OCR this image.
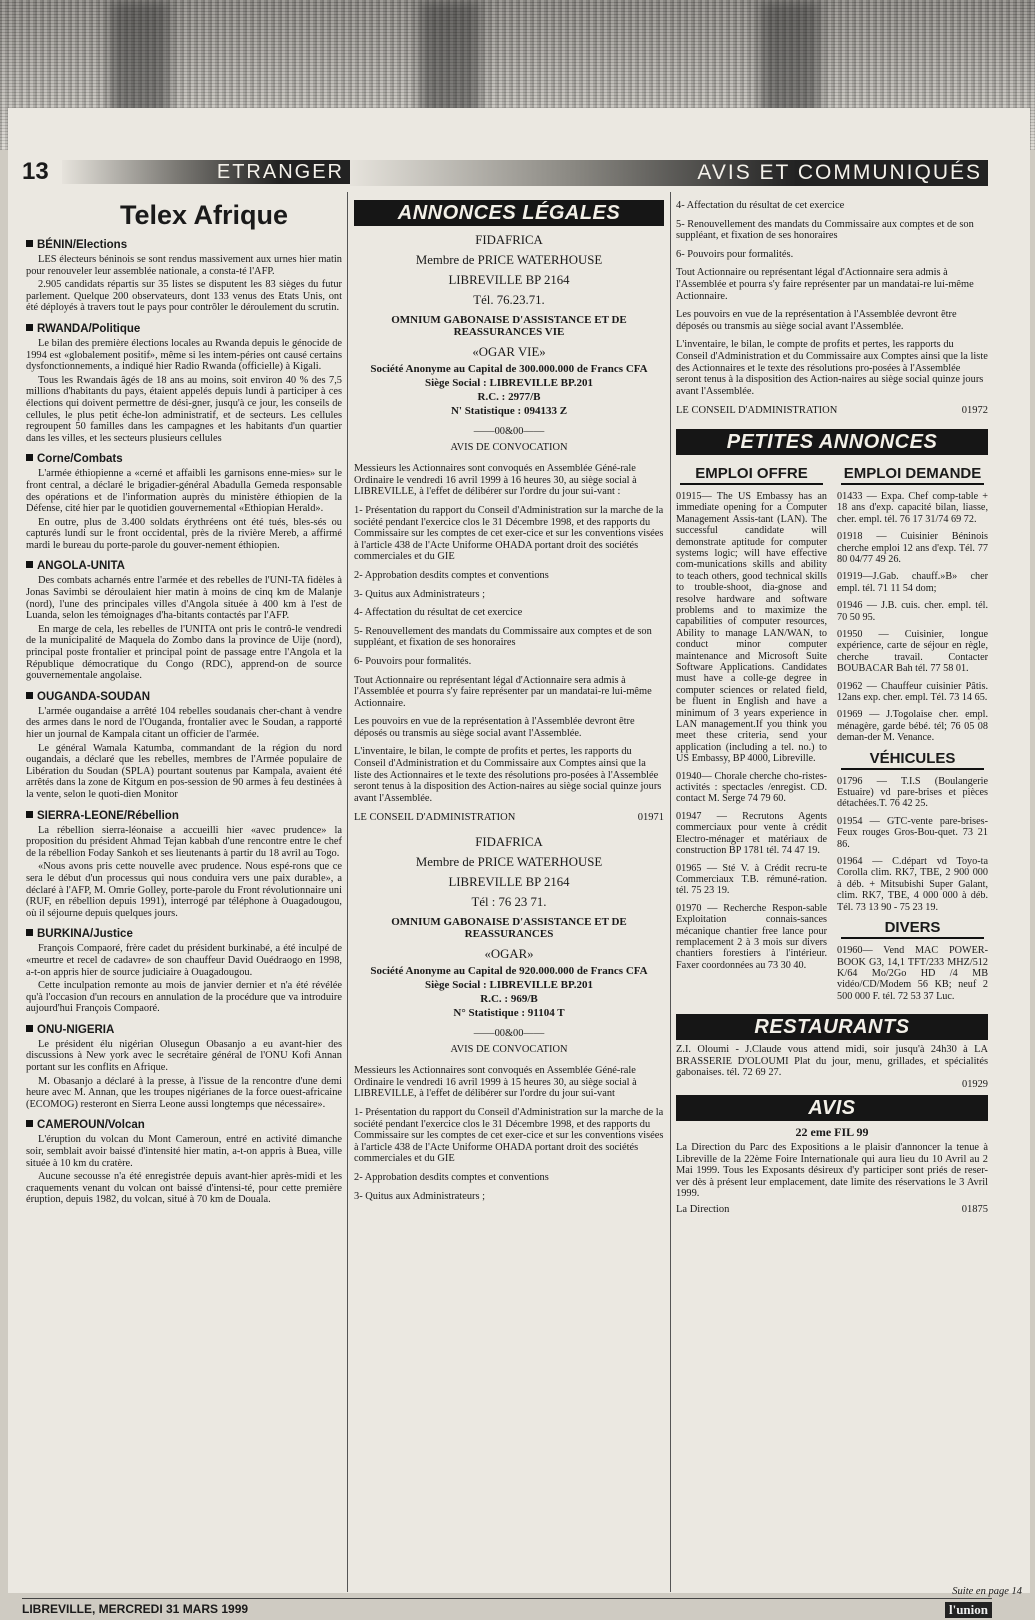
13	ETRANGER	AVIS ET COMMUNIQUÉS
Telex Afrique
BÉNIN/Elections
LES électeurs béninois se sont rendus massivement aux urnes hier matin pour renouveler leur assemblée nationale, a consta-té l'AFP.
2.905 candidats répartis sur 35 listes se disputent les 83 sièges du futur parlement. Quelque 200 observateurs, dont 133 venus des Etats Unis, ont été déployés à travers tout le pays pour contrôler le déroulement du scrutin.
RWANDA/Politique
Le bilan des première élections locales au Rwanda depuis le génocide de 1994 est «globalement positif», même si les intem-péries ont causé certains dysfonctionnements, a indiqué hier Radio Rwanda (officielle) à Kigali.
Tous les Rwandais âgés de 18 ans au moins, soit environ 40 % des 7,5 millions d'habitants du pays, étaient appelés depuis lundi à participer à ces élections qui doivent permettre de dési-gner, jusqu'à ce jour, les conseils de cellules, le plus petit éche-lon administratif, et de secteurs. Les cellules regroupent 50 familles dans les campagnes et les habitants d'un quartier dans les villes, et les secteurs plusieurs cellules
Corne/Combats
L'armée éthiopienne a «cerné et affaibli les garnisons enne-mies» sur le front central, a déclaré le brigadier-général Abadulla Gemeda responsable des opérations et de l'information auprès du ministère éthiopien de la Défense, cité hier par le quotidien gouvernemental «Ethiopian Herald».
En outre, plus de 3.400 soldats érythréens ont été tués, bles-sés ou capturés lundi sur le front occidental, près de la rivière Mereb, a affirmé mardi le bureau du porte-parole du gouver-nement éthiopien.
ANGOLA-UNITA
Des combats acharnés entre l'armée et des rebelles de l'UNI-TA fidèles à Jonas Savimbi se déroulaient hier matin à moins de cinq km de Malanje (nord), l'une des principales villes d'Angola située à 400 km à l'est de Luanda, selon les témoignages d'ha-bitants contactés par l'AFP.
En marge de cela, les rebelles de l'UNITA ont pris le contrô-le vendredi de la municipalité de Maquela do Zombo dans la province de Uije (nord), principal poste frontalier et principal point de passage entre l'Angola et la République démocratique du Congo (RDC), apprend-on de source gouvernementale angolaise.
OUGANDA-SOUDAN
L'armée ougandaise a arrêté 104 rebelles soudanais cher-chant à vendre des armes dans le nord de l'Ouganda, frontalier avec le Soudan, a rapporté hier un journal de Kampala citant un officier de l'armée.
Le général Wamala Katumba, commandant de la région du nord ougandais, a déclaré que les rebelles, membres de l'Armée populaire de Libération du Soudan (SPLA) pourtant soutenus par Kampala, avaient été arrêtés dans la zone de Kitgum en pos-session de 90 armes à feu destinées à la vente, selon le quoti-dien Monitor
SIERRA-LEONE/Rébellion
La rébellion sierra-léonaise a accueilli hier «avec prudence» la proposition du président Ahmad Tejan kabbah d'une rencontre entre le chef de la rébellion Foday Sankoh et ses lieutenants à partir du 18 avril au Togo.
«Nous avons pris cette nouvelle avec prudence. Nous espé-rons que ce sera le début d'un processus qui nous conduira vers une paix durable», a déclaré à l'AFP, M. Omrie Golley, porte-parole du Front révolutionnaire uni (RUF, en rébellion depuis 1991), interrogé par téléphone à Ouagadougou, où il séjourne depuis quelques jours.
BURKINA/Justice
François Compaoré, frère cadet du président burkinabé, a été inculpé de «meurtre et recel de cadavre» de son chauffeur David Ouédraogo en 1998, a-t-on appris hier de source judiciaire à Ouagadougou.
Cette inculpation remonte au mois de janvier dernier et n'a été révélée qu'à l'occasion d'un recours en annulation de la procédure que va introduire aujourd'hui François Compaoré.
ONU-NIGERIA
Le président élu nigérian Olusegun Obasanjo a eu avant-hier des discussions à New york avec le secrétaire général de l'ONU Kofi Annan portant sur les conflits en Afrique.
M. Obasanjo a déclaré à la presse, à l'issue de la rencontre d'une demi heure avec M. Annan, que les troupes nigérianes de la force ouest-africaine (ECOMOG) resteront en Sierra Leone aussi longtemps que nécessaire».
CAMEROUN/Volcan
L'éruption du volcan du Mont Cameroun, entré en activité dimanche soir, semblait avoir baissé d'intensité hier matin, a-t-on appris à Buea, ville située à 10 km du cratère.
Aucune secousse n'a été enregistrée depuis avant-hier après-midi et les craquements venant du volcan ont baissé d'intensi-té, pour cette première éruption, depuis 1982, du volcan, situé à 70 km de Douala.
ANNONCES LÉGALES
FIDAFRICA
Membre de PRICE WATERHOUSE
LIBREVILLE BP 2164
Tél. 76.23.71.
OMNIUM GABONAISE D'ASSISTANCE ET DE REASSURANCES VIE
«OGAR VIE»
Société Anonyme au Capital de 300.000.000 de Francs CFA
Siège Social : LIBREVILLE BP.201
R.C. : 2977/B
N' Statistique : 094133 Z
——00&00——
AVIS DE CONVOCATION
Messieurs les Actionnaires sont convoqués en Assemblée Géné-rale Ordinaire le vendredi 16 avril 1999 à 16 heures 30, au siège social à LIBREVILLE, à l'effet de délibérer sur l'ordre du jour sui-vant :
1- Présentation du rapport du Conseil d'Administration sur la marche de la société pendant l'exercice clos le 31 Décembre 1998, et des rapports du Commissaire sur les comptes de cet exer-cice et sur les conventions visées à l'article 438 de l'Acte Uniforme OHADA portant droit des sociétés commerciales et du GIE
2- Approbation desdits comptes et conventions
3- Quitus aux Administrateurs ;
4- Affectation du résultat de cet exercice
5- Renouvellement des mandats du Commissaire aux comptes et de son suppléant, et fixation de ses honoraires
6- Pouvoirs pour formalités.
Tout Actionnaire ou représentant légal d'Actionnaire sera admis à l'Assemblée et pourra s'y faire représenter par un mandatai-re lui-même Actionnaire.
Les pouvoirs en vue de la représentation à l'Assemblée devront être déposés ou transmis au siège social avant l'Assemblée.
L'inventaire, le bilan, le compte de profits et pertes, les rapports du Conseil d'Administration et du Commissaire aux Comptes ainsi que la liste des Actionnaires et le texte des résolutions pro-posées à l'Assemblée seront tenus à la disposition des Action-naires au siège social quinze jours avant l'Assemblée.
LE CONSEIL D'ADMINISTRATION	01971
FIDAFRICA
Membre de PRICE WATERHOUSE
LIBREVILLE BP 2164
Tél : 76 23 71.
OMNIUM GABONAISE D'ASSISTANCE ET DE REASSURANCES
«OGAR»
Société Anonyme au Capital de 920.000.000 de Francs CFA
Siège Social : LIBREVILLE BP.201
R.C. : 969/B
N° Statistique : 91104 T
——00&00——
AVIS DE CONVOCATION
Messieurs les Actionnaires sont convoqués en Assemblée Géné-rale Ordinaire le vendredi 16 avril 1999 à 15 heures 30, au siège social à LIBREVILLE, à l'effet de délibérer sur l'ordre du jour sui-vant
1- Présentation du rapport du Conseil d'Administration sur la marche de la société pendant l'exercice clos le 31 Décembre 1998, et des rapports du Commissaire sur les comptes de cet exer-cice et sur les conventions visées à l'article 438 de l'Acte Uniforme OHADA portant droit des sociétés commerciales et du GIE
2- Approbation desdits comptes et conventions
3- Quitus aux Administrateurs ;
4- Affectation du résultat de cet exercice
5- Renouvellement des mandats du Commissaire aux comptes et de son suppléant, et fixation de ses honoraires
6- Pouvoirs pour formalités.
Tout Actionnaire ou représentant légal d'Actionnaire sera admis à l'Assemblée et pourra s'y faire représenter par un mandatai-re lui-même Actionnaire.
Les pouvoirs en vue de la représentation à l'Assemblée devront être déposés ou transmis au siège social avant l'Assemblée.
L'inventaire, le bilan, le compte de profits et pertes, les rapports du Conseil d'Administration et du Commissaire aux Comptes ainsi que la liste des Actionnaires et le texte des résolutions pro-posées à l'Assemblée seront tenus à la disposition des Action-naires au siège social quinze jours avant l'Assemblée.
LE CONSEIL D'ADMINISTRATION	01972
PETITES ANNONCES
EMPLOI OFFRE
01915— The US Embassy has an immediate opening for a Computer Management Assis-tant (LAN). The successful candidate will demonstrate aptitude for computer systems logic; will have effective com-munications skills and ability to teach others, good technical skills to trouble-shoot, dia-gnose and resolve hardware and software problems and to maximize the capabilities of computer resources, Ability to manage LAN/WAN, to conduct minor computer maintenance and Microsoft Suite Software Applications. Candidates must have a colle-ge degree in computer sciences or related field, be fluent in English and have a minimum of 3 years experience in LAN management.If you think you meet these criteria, send your application (including a tel. no.) to US Embassy, BP 4000, Libreville.
01940— Chorale cherche cho-ristes-activités : spectacles /enregist. CD. contact M. Serge 74 79 60.
01947 — Recrutons Agents commerciaux pour vente à crédit Electro-ménager et matériaux de construction BP 1781 tél. 74 47 19.
01965 — Sté V. à Crédit recru-te Commerciaux T.B. rémuné-ration. tél. 75 23 19.
01970 — Recherche Respon-sable Exploitation connais-sances mécanique chantier free lance pour remplacement 2 à 3 mois sur divers chantiers forestiers à l'intérieur. Faxer coordonnées au 73 30 40.
EMPLOI DEMANDE
01433 — Expa. Chef comp-table + 18 ans d'exp. capacité bilan, liasse, cher. empl. tél. 76 17 31/74 69 72.
01918 — Cuisinier Béninois cherche emploi 12 ans d'exp. Tél. 77 80 04/77 49 26.
01919—J.Gab. chauff.»B» cher empl. tél. 71 11 54 dom;
01946 — J.B. cuis. cher. empl. tél. 70 50 95.
01950 — Cuisinier, longue expérience, carte de séjour en règle, cherche travail. Contacter BOUBACAR Bah tél. 77 58 01.
01962 — Chauffeur cuisinier Pâtis. 12ans exp. cher. empl. Tél. 73 14 65.
01969 — J.Togolaise cher. empl. ménagère, garde bébé. tél; 76 05 08 deman-der M. Venance.
VÉHICULES
01796 — T.I.S (Boulangerie Estuaire) vd pare-brises et pièces détachées.T. 76 42 25.
01954 — GTC-vente pare-brises- Feux rouges Gros-Bou-quet. 73 21 86.
01964 — C.départ vd Toyo-ta Corolla clim. RK7, TBE, 2 900 000 à déb. + Mitsubishi Super Galant, clim. RK7, TBE, 4 000 000 à déb. Tél. 73 13 90 - 75 23 19.
DIVERS
01960— Vend MAC POWER-BOOK G3, 14,1 TFT/233 MHZ/512 K/64 Mo/2Go HD /4 MB vidéo/CD/Modem 56 KB; neuf 2 500 000 F. tél. 72 53 37 Luc.
RESTAURANTS
Z.I. Oloumi - J.Claude vous attend midi, soir jusqu'à 24h30 à LA BRASSERIE D'OLOUMI Plat du jour, menu, grillades, et spécialités gabonaises. tél. 72 69 27.
01929
AVIS
22 eme FIL 99
La Direction du Parc des Expositions a le plaisir d'annoncer la tenue à Libreville de la 22ème Foire Internationale qui aura lieu du 10 Avril au 2 Mai 1999. Tous les Exposants désireux d'y participer sont priés de reser-ver dès à présent leur emplacement, date limite des réservations le 3 Avril 1999.
La Direction	01875
Suite en page 14
LIBREVILLE, MERCREDI 31 MARS 1999	l'union
